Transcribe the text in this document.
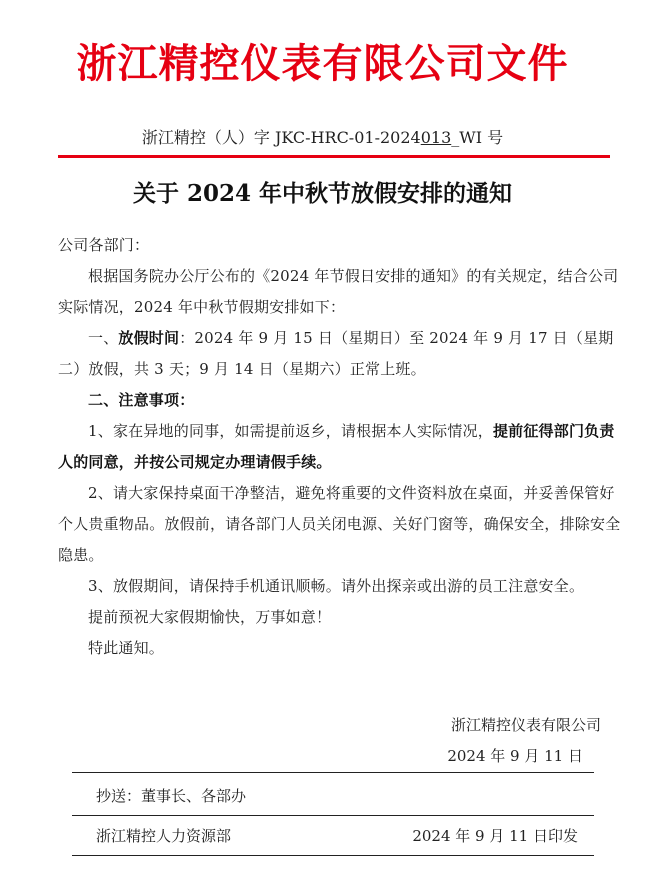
浙江精控仪表有限公司文件
浙江精控（人）字 JKC-HRC-01-2024013_WI 号
关于 2024 年中秋节放假安排的通知

公司各部门：

根据国务院办公厅公布的《2024 年节假日安排的通知》的有关规定，结合公司实际情况，2024 年中秋节假期安排如下：

一、放假时间：2024 年 9 月 15 日（星期日）至 2024 年 9 月 17 日（星期二）放假，共 3 天；9 月 14 日（星期六）正常上班。

二、注意事项：

1、家在异地的同事，如需提前返乡，请根据本人实际情况，提前征得部门负责人的同意，并按公司规定办理请假手续。

2、请大家保持桌面干净整洁，避免将重要的文件资料放在桌面，并妥善保管好个人贵重物品。放假前，请各部门人员关闭电源、关好门窗等，确保安全，排除安全隐患。

3、放假期间，请保持手机通讯顺畅。请外出探亲或出游的员工注意安全。

提前预祝大家假期愉快，万事如意！

特此通知。

浙江精控仪表有限公司
2024 年 9 月 11 日
抄送：董事长、各部办
浙江精控人力资源部	2024 年 9 月 11 日印发
